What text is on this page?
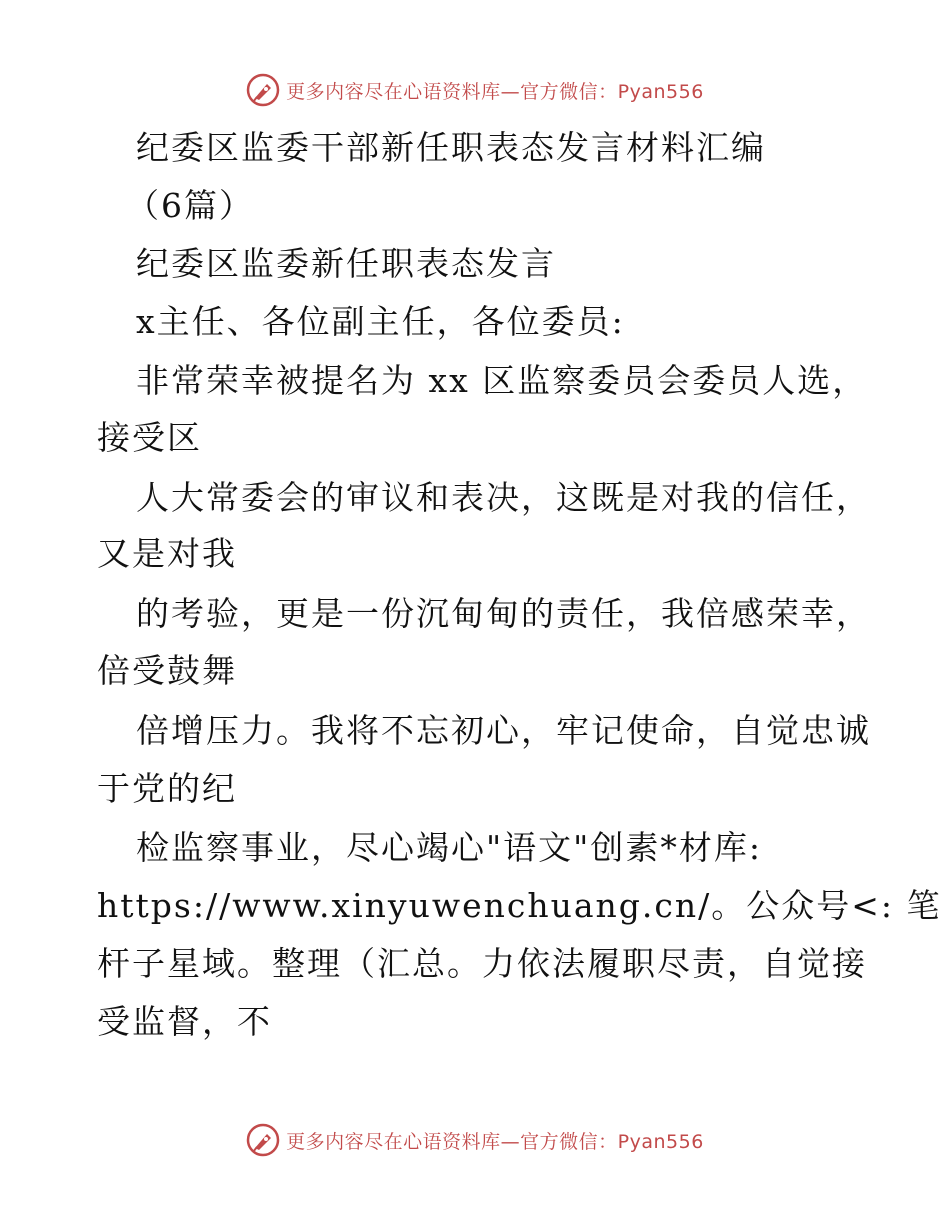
更多内容尽在心语资料库—官方微信：Pyan556
纪委区监委干部新任职表态发言材料汇编
（6篇）
纪委区监委新任职表态发言
x主任、各位副主任，各位委员:
非常荣幸被提名为 xx 区监察委员会委员人选，
接受区
人大常委会的审议和表决，这既是对我的信任，
又是对我
的考验，更是一份沉甸甸的责任，我倍感荣幸，
倍受鼓舞
倍增压力。我将不忘初心，牢记使命，自觉忠诚
于党的纪
检监察事业，尽心竭心"语文"创素*材库:
https://www.xinyuwenchuang.cn/。公众号<: 笔
杆子星域。整理（汇总。力依法履职尽责，自觉接
受监督，不
更多内容尽在心语资料库—官方微信：Pyan556
